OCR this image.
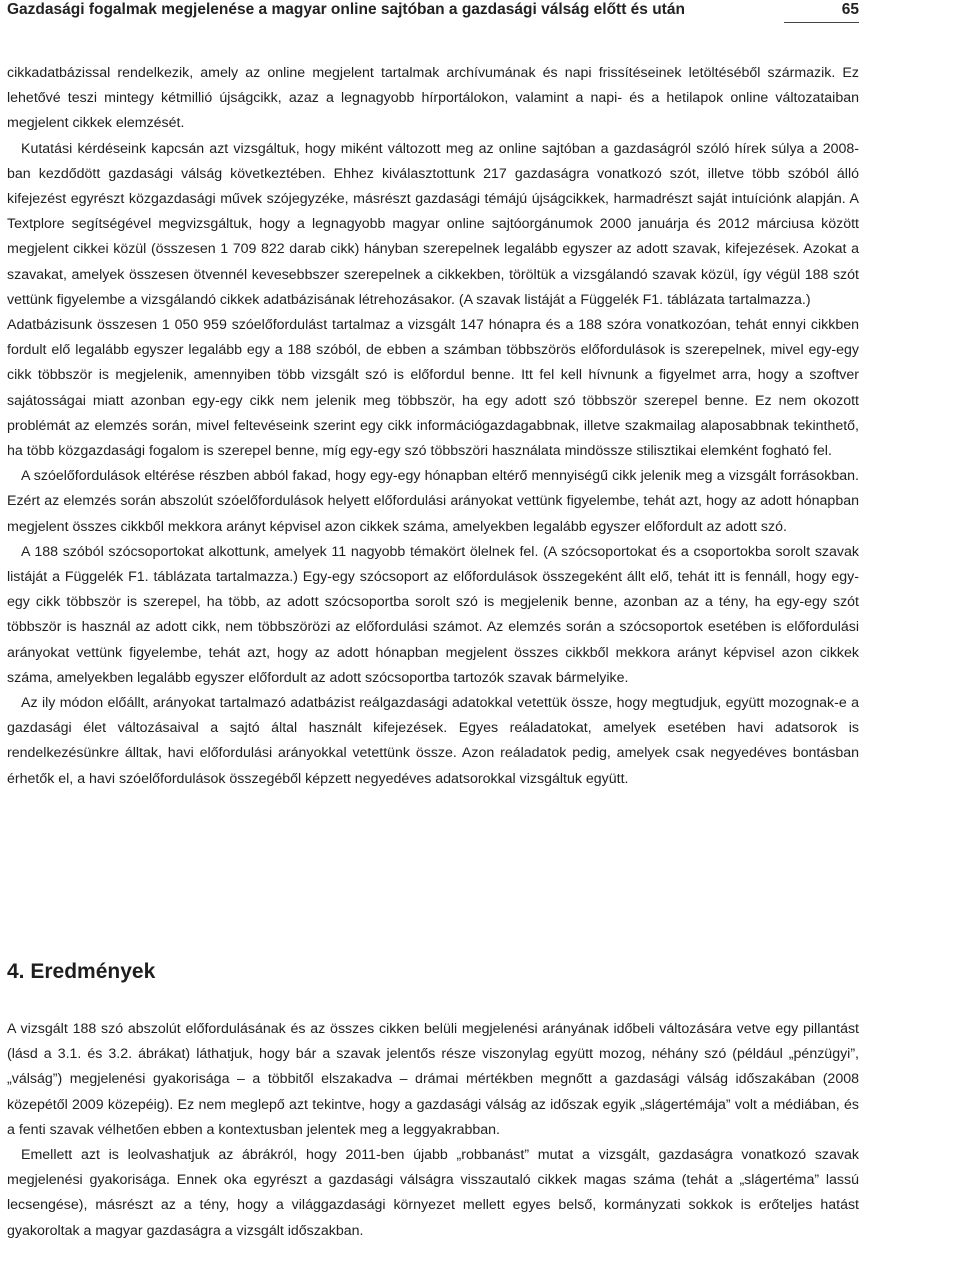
Gazdasági fogalmak megjelenése a magyar online sajtóban a gazdasági válság előtt és után	65

cikkadatbázissal rendelkezik, amely az online megjelent tartalmak archívumának és napi frissítéseinek letöltéséből származik. Ez lehetővé teszi mintegy kétmillió újságcikk, azaz a legnagyobb hírportálokon, valamint a napi- és a hetilapok online változataiban megjelent cikkek elemzését.

Kutatási kérdéseink kapcsán azt vizsgáltuk, hogy miként változott meg az online sajtóban a gazdaságról szóló hírek súlya a 2008-ban kezdődött gazdasági válság következtében. Ehhez kiválasztottunk 217 gazdaságra vonatkozó szót, illetve több szóból álló kifejezést egyrészt közgazdasági művek szójegyzéke, másrészt gazdasági témájú újságcikkek, harmadrészt saját intuíciónk alapján. A Textplore segítségével megvizsgáltuk, hogy a legnagyobb magyar online sajtóorgánumok 2000 januárja és 2012 márciusa között megjelent cikkei közül (összesen 1 709 822 darab cikk) hányban szerepelnek legalább egyszer az adott szavak, kifejezések. Azokat a szavakat, amelyek összesen ötvennél kevesebbszer szerepelnek a cikkekben, töröltük a vizsgálandó szavak közül, így végül 188 szót vettünk figyelembe a vizsgálandó cikkek adatbázisának létrehozásakor. (A szavak listáját a Függelék F1. táblázata tartalmazza.)

Adatbázisunk összesen 1 050 959 szóelőfordulást tartalmaz a vizsgált 147 hónapra és a 188 szóra vonatkozóan, tehát ennyi cikkben fordult elő legalább egyszer legalább egy a 188 szóból, de ebben a számban többszörös előfordulások is szerepelnek, mivel egy-egy cikk többször is megjelenik, amennyiben több vizsgált szó is előfordul benne. Itt fel kell hívnunk a figyelmet arra, hogy a szoftver sajátosságai miatt azonban egy-egy cikk nem jelenik meg többször, ha egy adott szó többször szerepel benne. Ez nem okozott problémát az elemzés során, mivel feltevéseink szerint egy cikk információgazdagabbnak, illetve szakmailag alaposabbnak tekinthető, ha több közgazdasági fogalom is szerepel benne, míg egy-egy szó többszöri használata mindössze stilisztikai elemként fogható fel.

A szóelőfordulások eltérése részben abból fakad, hogy egy-egy hónapban eltérő mennyiségű cikk jelenik meg a vizsgált forrásokban. Ezért az elemzés során abszolút szóelőfordulások helyett előfordulási arányokat vettünk figyelembe, tehát azt, hogy az adott hónapban megjelent összes cikkből mekkora arányt képvisel azon cikkek száma, amelyekben legalább egyszer előfordult az adott szó.

A 188 szóból szócsoportokat alkottunk, amelyek 11 nagyobb témakört ölelnek fel. (A szócsoportokat és a csoportokba sorolt szavak listáját a Függelék F1. táblázata tartalmazza.) Egy-egy szócsoport az előfordulások összegeként állt elő, tehát itt is fennáll, hogy egy-egy cikk többször is szerepel, ha több, az adott szócsoportba sorolt szó is megjelenik benne, azonban az a tény, ha egy-egy szót többször is használ az adott cikk, nem többszörözi az előfordulási számot. Az elemzés során a szócsoportok esetében is előfordulási arányokat vettünk figyelembe, tehát azt, hogy az adott hónapban megjelent összes cikkből mekkora arányt képvisel azon cikkek száma, amelyekben legalább egyszer előfordult az adott szócsoportba tartozók szavak bármelyike.

Az ily módon előállt, arányokat tartalmazó adatbázist reálgazdasági adatokkal vetettük össze, hogy megtudjuk, együtt mozognak-e a gazdasági élet változásaival a sajtó által használt kifejezések. Egyes reáladatokat, amelyek esetében havi adatsorok is rendelkezésünkre álltak, havi előfordulási arányokkal vetettünk össze. Azon reáladatok pedig, amelyek csak negyedéves bontásban érhetők el, a havi szóelőfordulások összegéből képzett negyedéves adatsorokkal vizsgáltuk együtt.

4. Eredmények

A vizsgált 188 szó abszolút előfordulásának és az összes cikken belüli megjelenési arányának időbeli változására vetve egy pillantást (lásd a 3.1. és 3.2. ábrákat) láthatjuk, hogy bár a szavak jelentős része viszonylag együtt mozog, néhány szó (például „pénzügyi”, „válság”) megjelenési gyakorisága – a többitől elszakadva – drámai mértékben megnőtt a gazdasági válság időszakában (2008 közepétől 2009 közepéig). Ez nem meglepő azt tekintve, hogy a gazdasági válság az időszak egyik „slágertémája” volt a médiában, és a fenti szavak vélhetően ebben a kontextusban jelentek meg a leggyakrabban.

Emellett azt is leolvashatjuk az ábrákról, hogy 2011-ben újabb „robbanást” mutat a vizsgált, gazdaságra vonatkozó szavak megjelenési gyakorisága. Ennek oka egyrészt a gazdasági válságra visszautaló cikkek magas száma (tehát a „slágertéma” lassú lecsengése), másrészt az a tény, hogy a világgazdasági környezet mellett egyes belső, kormányzati sokkok is erőteljes hatást gyakoroltak a magyar gazdaságra a vizsgált időszakban.
